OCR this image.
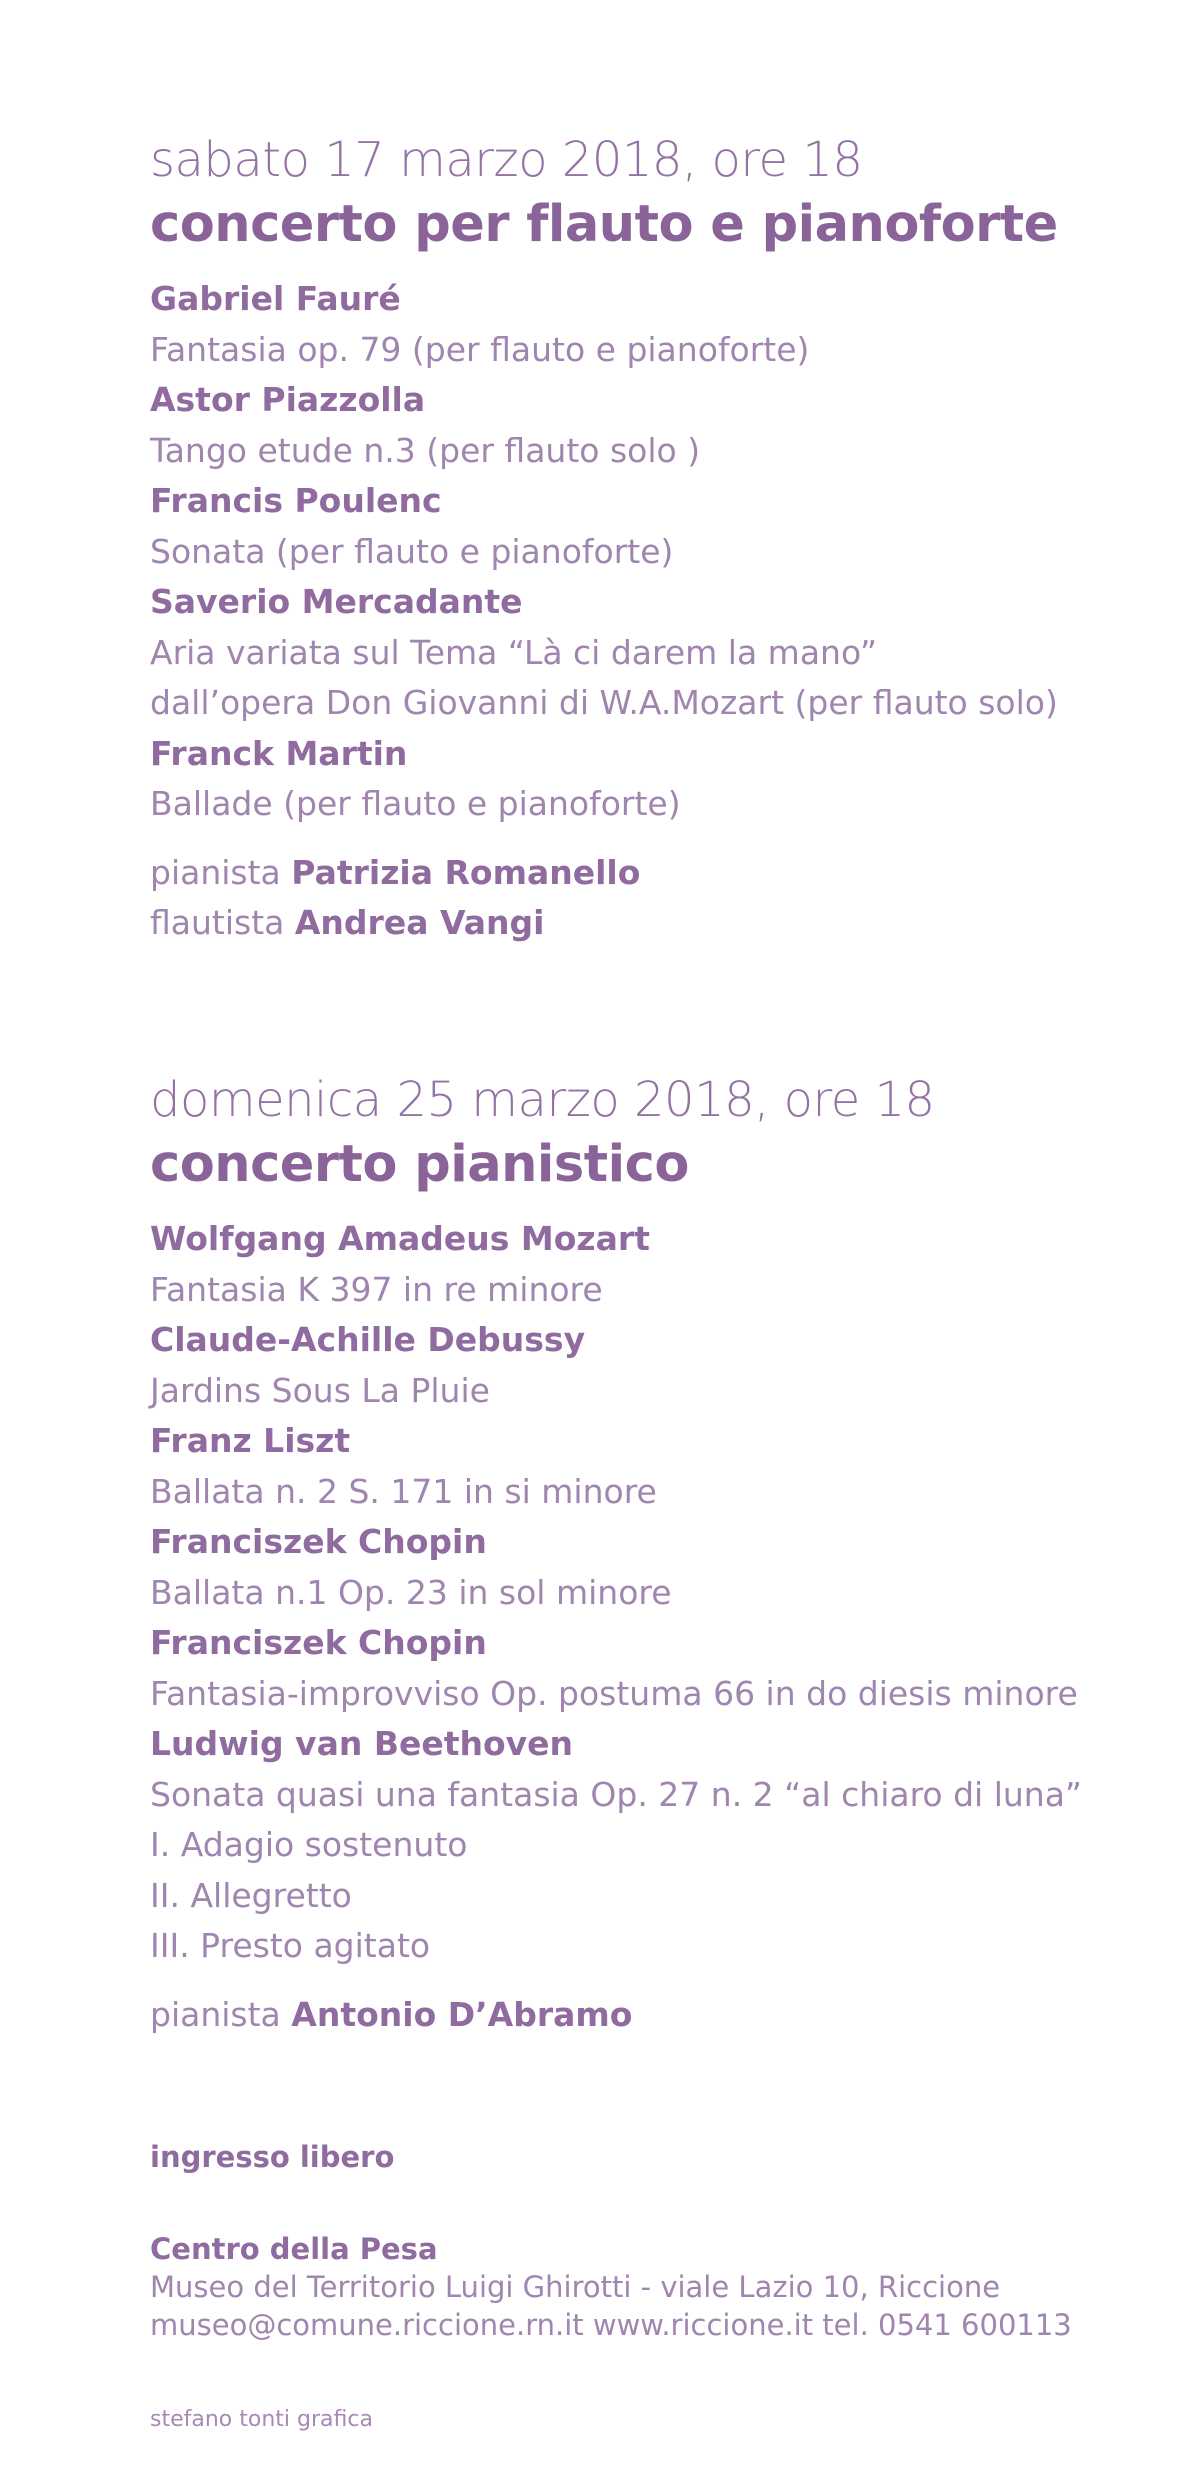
sabato 17 marzo 2018, ore 18
concerto per flauto e pianoforte
Gabriel Fauré
Fantasia op. 79 (per flauto e pianoforte)
Astor Piazzolla
Tango etude n.3 (per flauto solo )
Francis Poulenc
Sonata (per flauto e pianoforte)
Saverio Mercadante
Aria variata sul Tema “Là ci darem la mano”
dall’opera Don Giovanni di W.A.Mozart (per flauto solo)
Franck Martin
Ballade (per flauto e pianoforte)
pianista Patrizia Romanello
flautista Andrea Vangi
domenica 25 marzo 2018, ore 18
concerto pianistico
Wolfgang Amadeus Mozart
Fantasia K 397 in re minore
Claude-Achille Debussy
Jardins Sous La Pluie
Franz Liszt
Ballata n. 2 S. 171 in si minore
Franciszek Chopin
Ballata n.1 Op. 23 in sol minore
Franciszek Chopin
Fantasia-improvviso Op. postuma 66 in do diesis minore
Ludwig van Beethoven
Sonata quasi una fantasia Op. 27 n. 2 “al chiaro di luna”
I. Adagio sostenuto
II. Allegretto
III. Presto agitato
pianista Antonio D’Abramo
ingresso libero
Centro della Pesa
Museo del Territorio Luigi Ghirotti - viale Lazio 10, Riccione
museo@comune.riccione.rn.it www.riccione.it tel. 0541 600113
stefano tonti grafica
